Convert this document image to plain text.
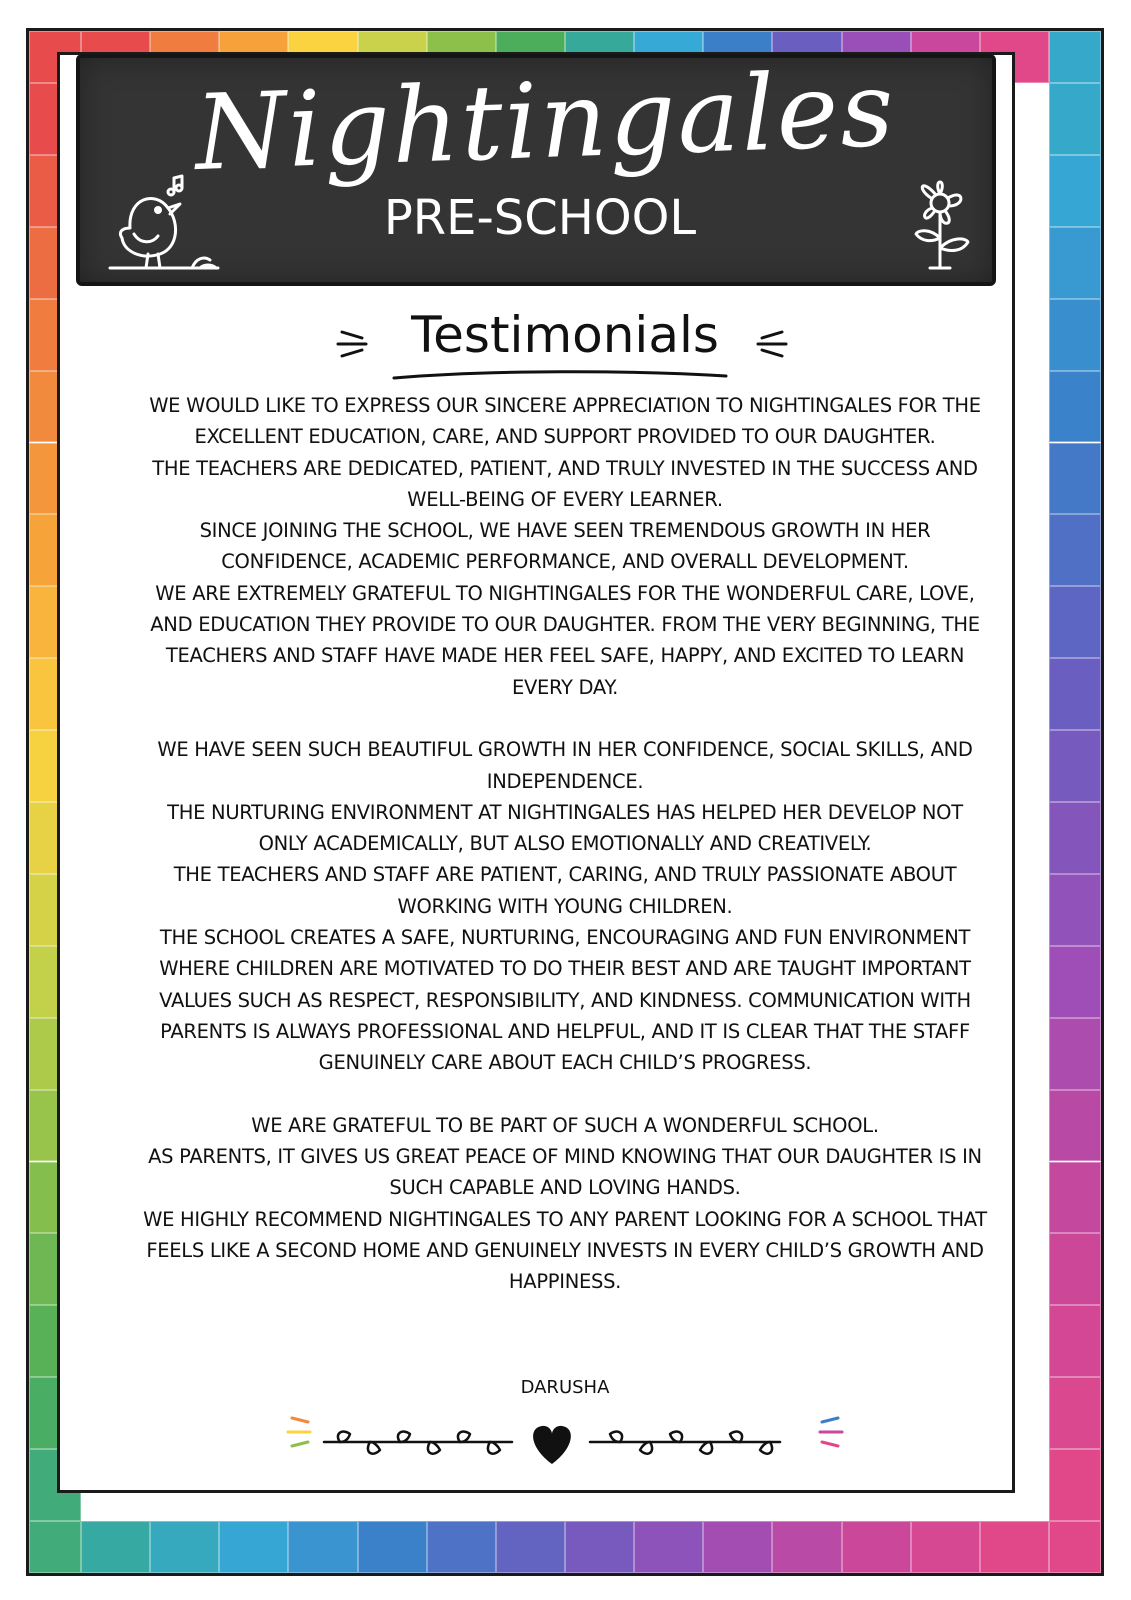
Nightingales
PRE-SCHOOL
Testimonials

WE WOULD LIKE TO EXPRESS OUR SINCERE APPRECIATION TO NIGHTINGALES FOR THE EXCELLENT EDUCATION, CARE, AND SUPPORT PROVIDED TO OUR DAUGHTER.

THE TEACHERS ARE DEDICATED, PATIENT, AND TRULY INVESTED IN THE SUCCESS AND WELL-BEING OF EVERY LEARNER.

SINCE JOINING THE SCHOOL, WE HAVE SEEN TREMENDOUS GROWTH IN HER CONFIDENCE, ACADEMIC PERFORMANCE, AND OVERALL DEVELOPMENT.

WE ARE EXTREMELY GRATEFUL TO NIGHTINGALES FOR THE WONDERFUL CARE, LOVE, AND EDUCATION THEY PROVIDE TO OUR DAUGHTER. FROM THE VERY BEGINNING, THE TEACHERS AND STAFF HAVE MADE HER FEEL SAFE, HAPPY, AND EXCITED TO LEARN EVERY DAY.

WE HAVE SEEN SUCH BEAUTIFUL GROWTH IN HER CONFIDENCE, SOCIAL SKILLS, AND INDEPENDENCE.

THE NURTURING ENVIRONMENT AT NIGHTINGALES HAS HELPED HER DEVELOP NOT ONLY ACADEMICALLY, BUT ALSO EMOTIONALLY AND CREATIVELY.

THE TEACHERS AND STAFF ARE PATIENT, CARING, AND TRULY PASSIONATE ABOUT WORKING WITH YOUNG CHILDREN.

THE SCHOOL CREATES A SAFE, NURTURING, ENCOURAGING AND FUN ENVIRONMENT WHERE CHILDREN ARE MOTIVATED TO DO THEIR BEST AND ARE TAUGHT IMPORTANT VALUES SUCH AS RESPECT, RESPONSIBILITY, AND KINDNESS. COMMUNICATION WITH PARENTS IS ALWAYS PROFESSIONAL AND HELPFUL, AND IT IS CLEAR THAT THE STAFF GENUINELY CARE ABOUT EACH CHILD’S PROGRESS.

WE ARE GRATEFUL TO BE PART OF SUCH A WONDERFUL SCHOOL.

AS PARENTS, IT GIVES US GREAT PEACE OF MIND KNOWING THAT OUR DAUGHTER IS IN SUCH CAPABLE AND LOVING HANDS.

WE HIGHLY RECOMMEND NIGHTINGALES TO ANY PARENT LOOKING FOR A SCHOOL THAT FEELS LIKE A SECOND HOME AND GENUINELY INVESTS IN EVERY CHILD’S GROWTH AND HAPPINESS.

DARUSHA
